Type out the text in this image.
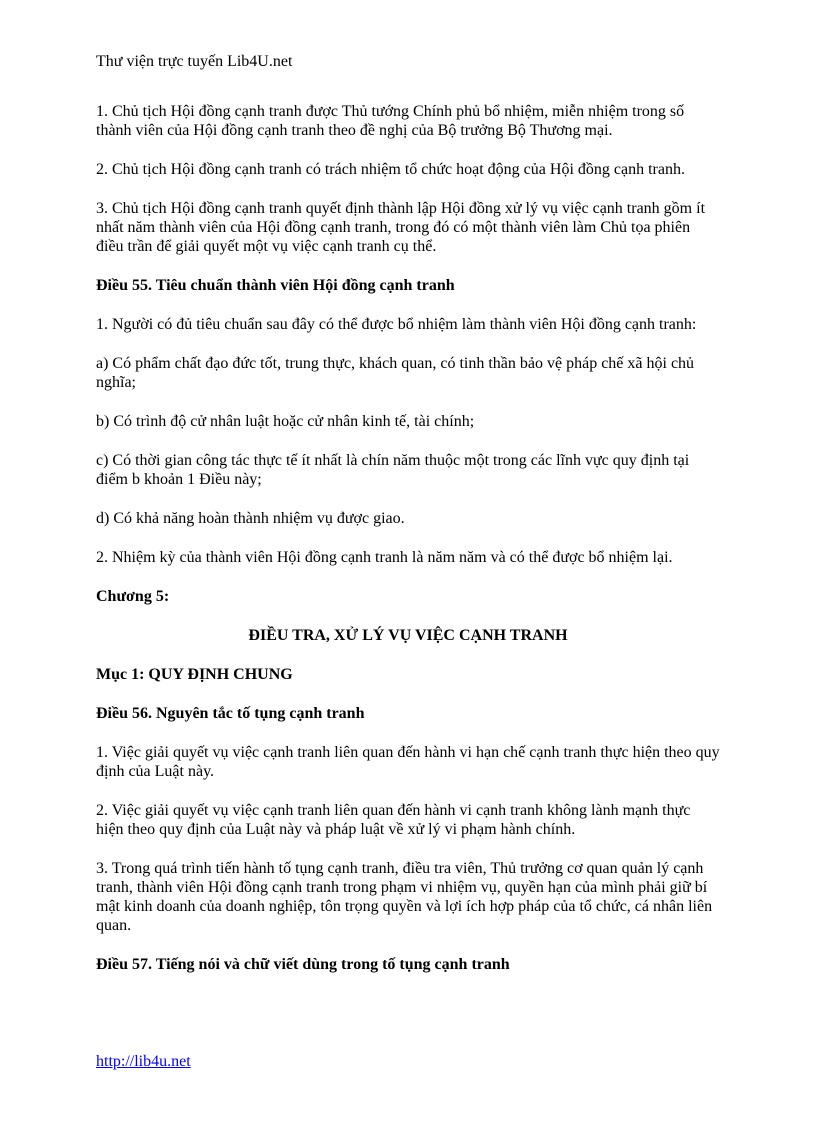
Thư viện trực tuyến Lib4U.net

1. Chủ tịch Hội đồng cạnh tranh được Thủ tướng Chính phủ bổ nhiệm, miễn nhiệm trong số thành viên của Hội đồng cạnh tranh theo đề nghị của Bộ trưởng Bộ Thương mại.

2. Chủ tịch Hội đồng cạnh tranh có trách nhiệm tổ chức hoạt động của Hội đồng cạnh tranh.

3. Chủ tịch Hội đồng cạnh tranh quyết định thành lập Hội đồng xử lý vụ việc cạnh tranh gồm ít nhất năm thành viên của Hội đồng cạnh tranh, trong đó có một thành viên làm Chủ tọa phiên điều trần để giải quyết một vụ việc cạnh tranh cụ thể.

Điều 55. Tiêu chuẩn thành viên Hội đồng cạnh tranh

1. Người có đủ tiêu chuẩn sau đây có thể được bổ nhiệm làm thành viên Hội đồng cạnh tranh:

a) Có phẩm chất đạo đức tốt, trung thực, khách quan, có tinh thần bảo vệ pháp chế xã hội chủ nghĩa;

b) Có trình độ cử nhân luật hoặc cử nhân kinh tế, tài chính;

c) Có thời gian công tác thực tế ít nhất là chín năm thuộc một trong các lĩnh vực quy định tại điểm b khoản 1 Điều này;

d) Có khả năng hoàn thành nhiệm vụ được giao.

2. Nhiệm kỳ của thành viên Hội đồng cạnh tranh là năm năm và có thể được bổ nhiệm lại.

Chương 5:
ĐIỀU TRA, XỬ LÝ VỤ VIỆC CẠNH TRANH
Mục 1: QUY ĐỊNH CHUNG
Điều 56. Nguyên tắc tố tụng cạnh tranh

1. Việc giải quyết vụ việc cạnh tranh liên quan đến hành vi hạn chế cạnh tranh thực hiện theo quy định của Luật này.

2. Việc giải quyết vụ việc cạnh tranh liên quan đến hành vi cạnh tranh không lành mạnh thực hiện theo quy định của Luật này và pháp luật về xử lý vi phạm hành chính.

3. Trong quá trình tiến hành tố tụng cạnh tranh, điều tra viên, Thủ trưởng cơ quan quản lý cạnh tranh, thành viên Hội đồng cạnh tranh trong phạm vi nhiệm vụ, quyền hạn của mình phải giữ bí mật kinh doanh của doanh nghiệp, tôn trọng quyền và lợi ích hợp pháp của tổ chức, cá nhân liên quan.

Điều 57. Tiếng nói và chữ viết dùng trong tố tụng cạnh tranh
http://lib4u.net
